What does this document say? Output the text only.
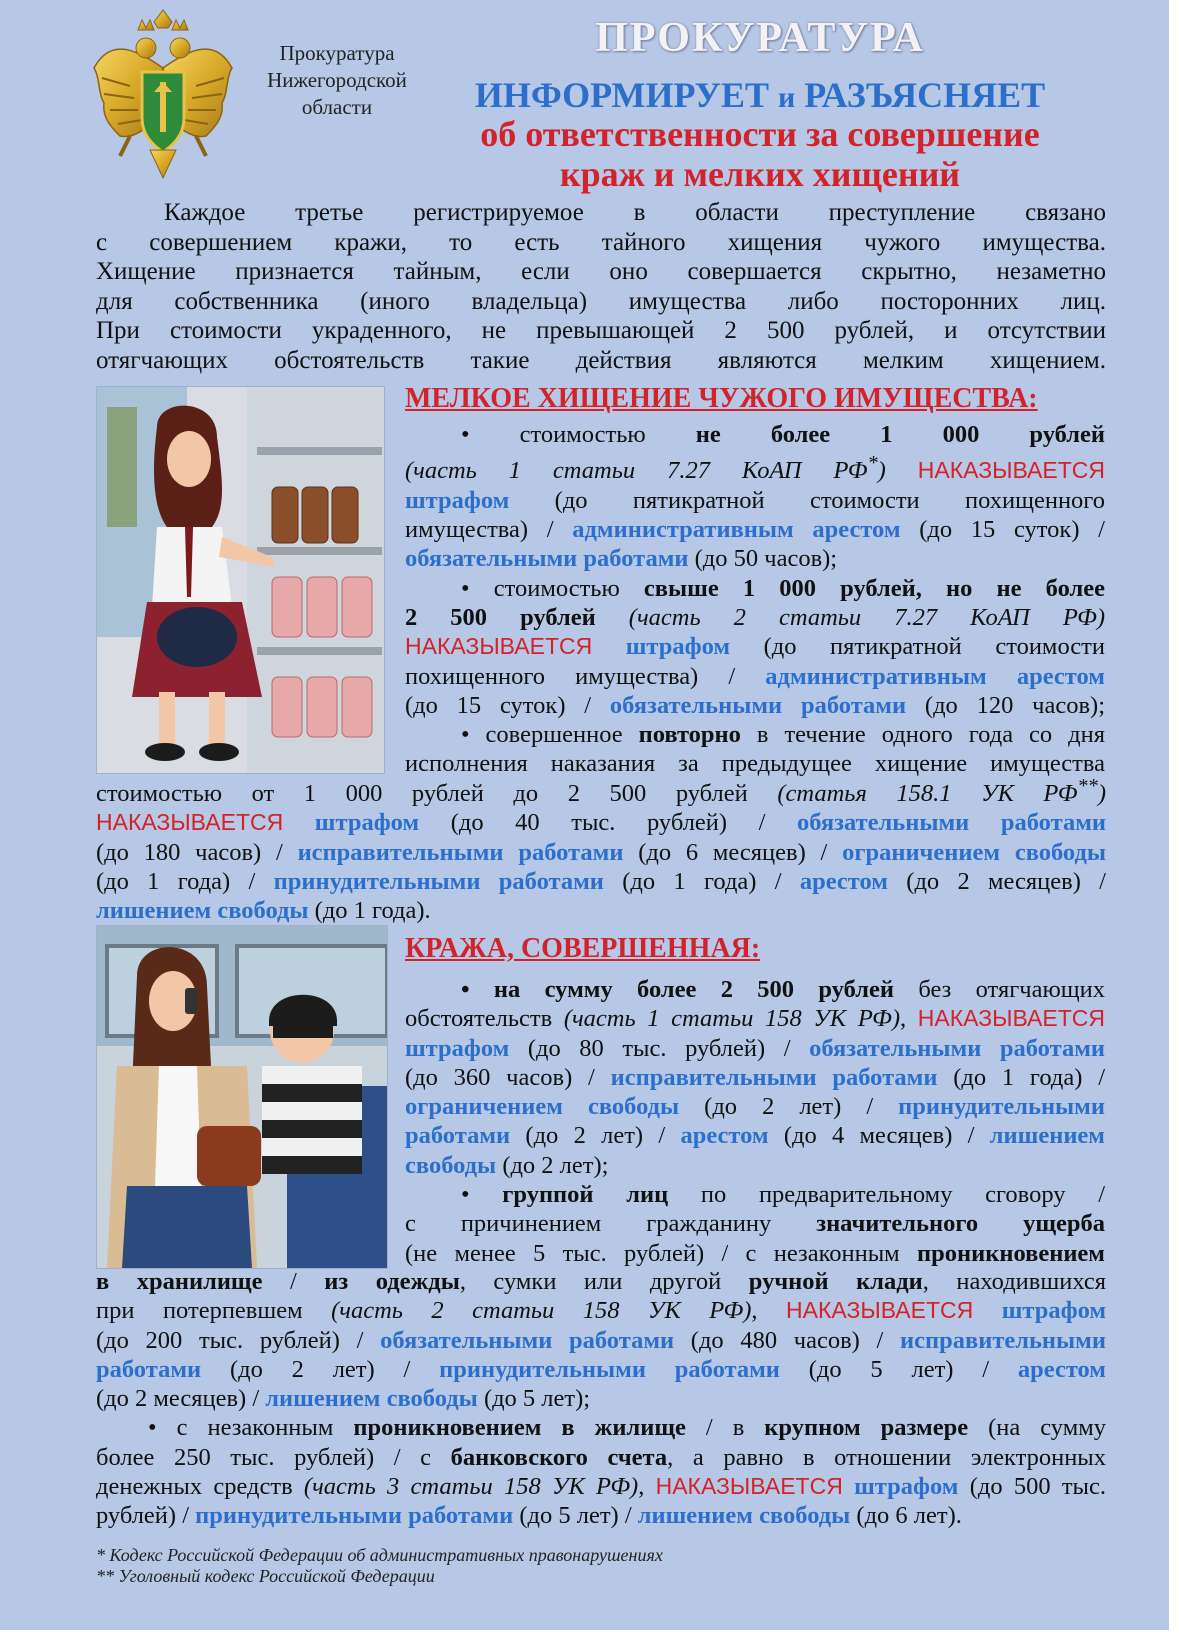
Прокуратура
Нижегородской
области
ПРОКУРАТУРА
ИНФОРМИРУЕТ и РАЗЪЯСНЯЕТ
об ответственности за совершение
краж и мелких хищений
Каждое третье регистрируемое в области преступление связано
с совершением кражи, то есть тайного хищения чужого имущества.
Хищение признается тайным, если оно совершается скрытно, незаметно
для собственника (иного владельца) имущества либо посторонних лиц.
При стоимости украденного, не превышающей 2 500 рублей, и отсутствии
отягчающих обстоятельств такие действия являются мелким хищением.
МЕЛКОЕ ХИЩЕНИЕ ЧУЖОГО ИМУЩЕСТВА:
• стоимостью не более 1 000 рублей
(часть 1 статьи 7.27 КоАП РФ*) НАКАЗЫВАЕТСЯ
штрафом (до пятикратной стоимости похищенного
имущества) / административным арестом (до 15 суток) /
обязательными работами (до 50 часов);
• стоимостью свыше 1 000 рублей, но не более
2 500 рублей (часть 2 статьи 7.27 КоАП РФ)
НАКАЗЫВАЕТСЯ штрафом (до пятикратной стоимости
похищенного имущества) / административным арестом
(до 15 суток) / обязательными работами (до 120 часов);
• совершенное повторно в течение одного года со дня
исполнения наказания за предыдущее хищение имущества
стоимостью от 1 000 рублей до 2 500 рублей (статья 158.1 УК РФ**)
НАКАЗЫВАЕТСЯ штрафом (до 40 тыс. рублей) / обязательными работами
(до 180 часов) / исправительными работами (до 6 месяцев) / ограничением свободы
(до 1 года) / принудительными работами (до 1 года) / арестом (до 2 месяцев) /
лишением свободы (до 1 года).
КРАЖА, СОВЕРШЕННАЯ:
• на сумму более 2 500 рублей без отягчающих
обстоятельств (часть 1 статьи 158 УК РФ), НАКАЗЫВАЕТСЯ
штрафом (до 80 тыс. рублей) / обязательными работами
(до 360 часов) / исправительными работами (до 1 года) /
ограничением свободы (до 2 лет) / принудительными
работами (до 2 лет) / арестом (до 4 месяцев) / лишением
свободы (до 2 лет);
• группой лиц по предварительному сговору /
с причинением гражданину значительного ущерба
(не менее 5 тыс. рублей) / с незаконным проникновением
в хранилище / из одежды, сумки или другой ручной клади, находившихся
при потерпевшем (часть 2 статьи 158 УК РФ), НАКАЗЫВАЕТСЯ штрафом
(до 200 тыс. рублей) / обязательными работами (до 480 часов) / исправительными
работами (до 2 лет) / принудительными работами (до 5 лет) / арестом
(до 2 месяцев) / лишением свободы (до 5 лет);
• с незаконным проникновением в жилище / в крупном размере (на сумму
более 250 тыс. рублей) / с банковского счета, а равно в отношении электронных
денежных средств (часть 3 статьи 158 УК РФ), НАКАЗЫВАЕТСЯ штрафом (до 500 тыс.
рублей) / принудительными работами (до 5 лет) / лишением свободы (до 6 лет).
* Кодекс Российской Федерации об административных правонарушениях
** Уголовный кодекс Российской Федерации
